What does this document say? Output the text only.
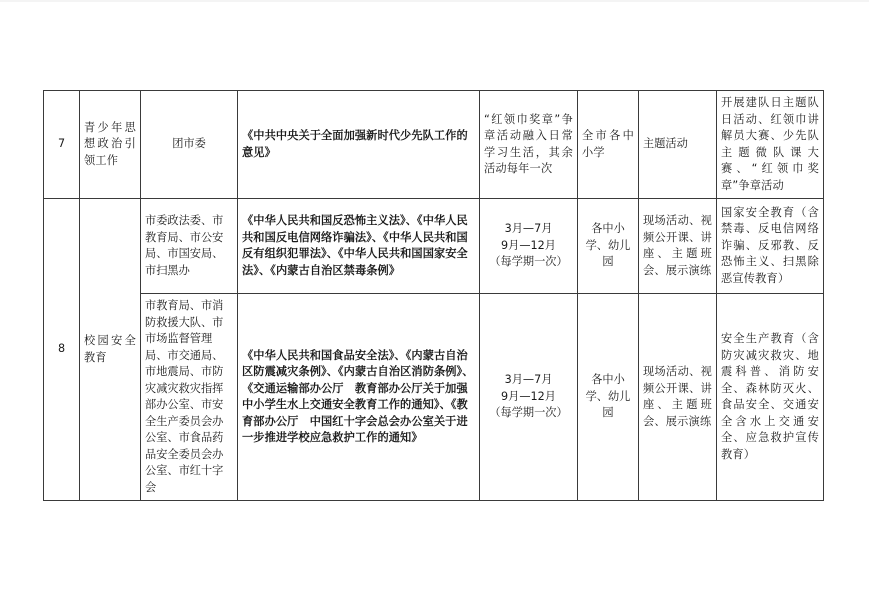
7	青少年思想政治引领工作	团市委	《中共中央关于全面加强新时代少先队工作的意见》	“红领巾奖章”争章活动融入日常学习生活，其余活动每年一次	全市各中小学	主题活动	开展建队日主题队日活动、红领巾讲解员大赛、少先队主题微队课大赛、“红领巾奖章”争章活动
8	校园安全教育	市委政法委、市教育局、市公安局、市国安局、市扫黑办	《中华人民共和国反恐怖主义法》、《中华人民共和国反电信网络诈骗法》、《中华人民共和国反有组织犯罪法》、《中华人民共和国国家安全法》、《内蒙古自治区禁毒条例》	3月—7月
9月—12月
（每学期一次）	各中小学、幼儿园	现场活动、视频公开课、讲座、主题班会、展示演练	国家安全教育（含禁毒、反电信网络诈骗、反邪教、反恐怖主义、扫黑除恶宣传教育）
		市教育局、市消防救援大队、市市场监督管理局、市交通局、市地震局、市防灾减灾救灾指挥部办公室、市安全生产委员会办公室、市食品药品安全委员会办公室、市红十字会	《中华人民共和国食品安全法》、《内蒙古自治区防震减灾条例》、《内蒙古自治区消防条例》、《交通运输部办公厅　教育部办公厅关于加强中小学生水上交通安全教育工作的通知》、《教育部办公厅　中国红十字会总会办公室关于进一步推进学校应急救护工作的通知》	3月—7月
9月—12月
（每学期一次）	各中小学、幼儿园	现场活动、视频公开课、讲座、主题班会、展示演练	安全生产教育（含防灾减灾救灾、地震科普、消防安全、森林防灭火、食品安全、交通安全含水上交通安全、应急救护宣传教育）
